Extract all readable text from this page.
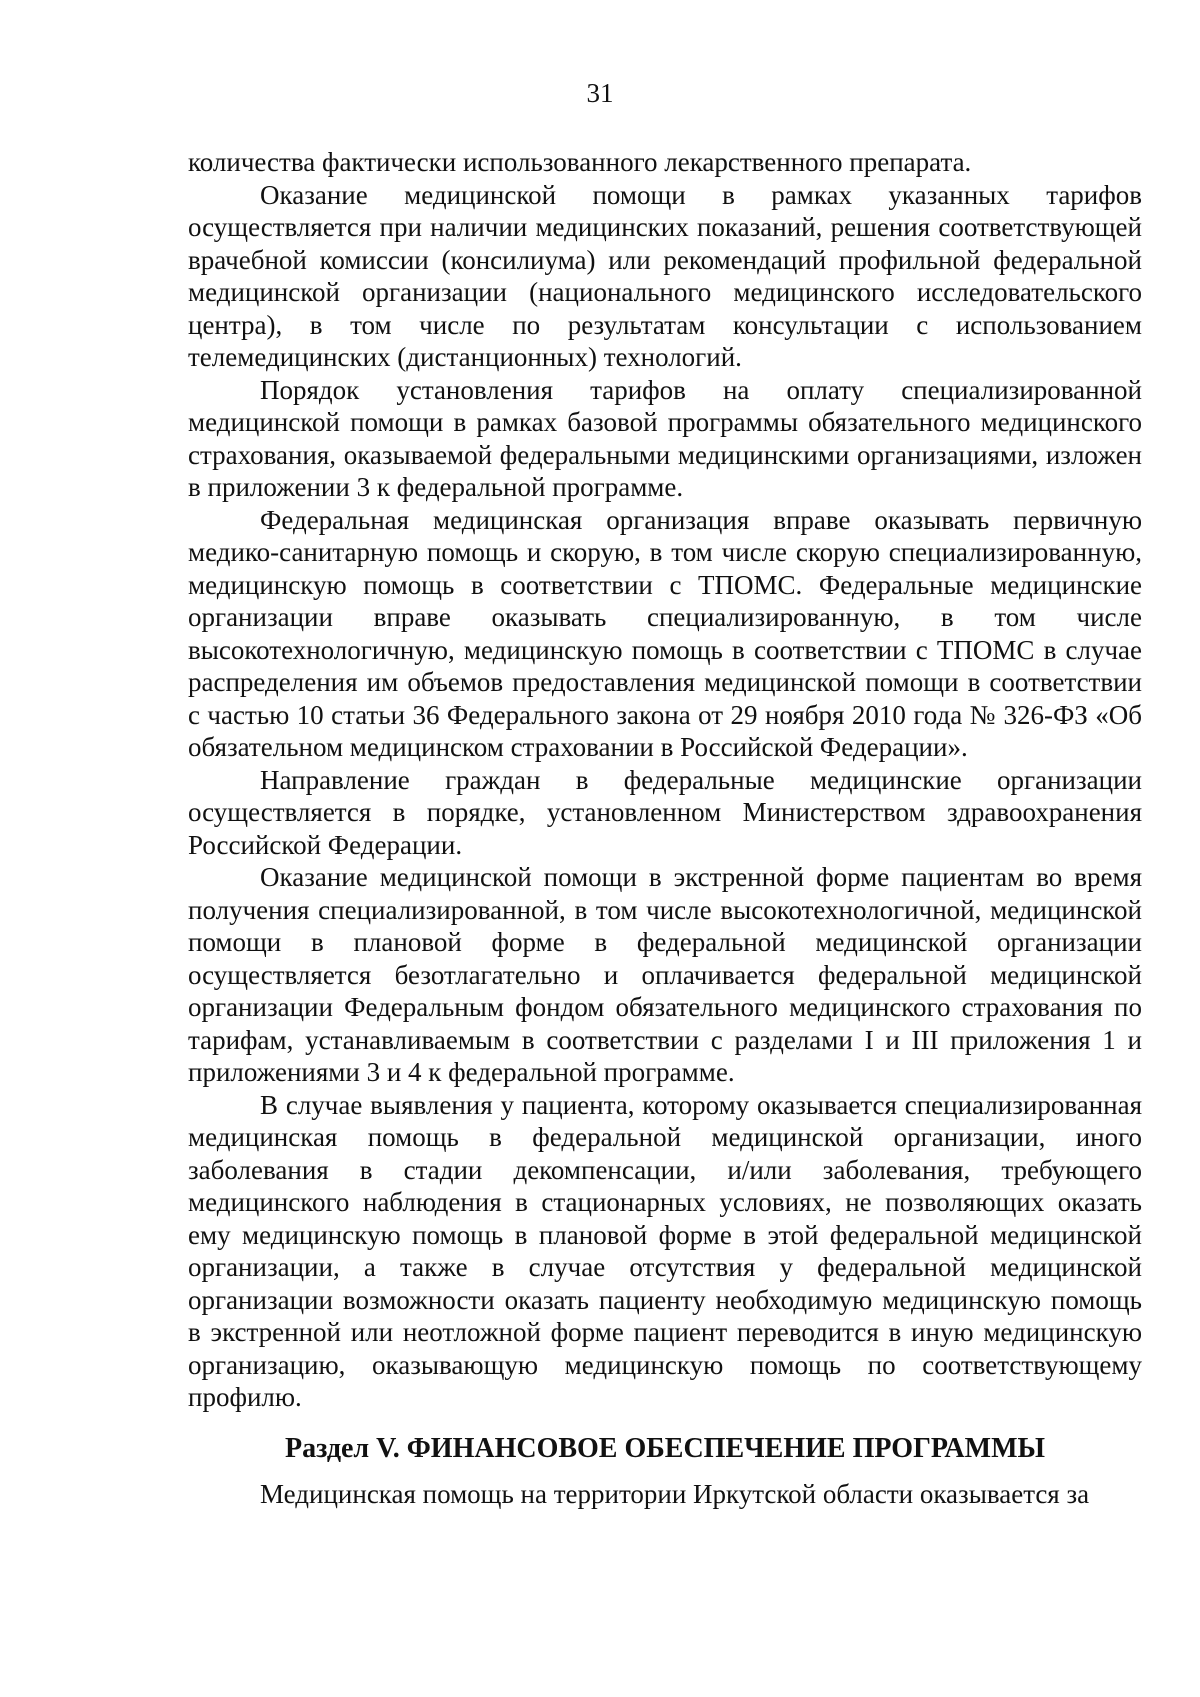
31

количества фактически использованного лекарственного препарата.

Оказание медицинской помощи в рамках указанных тарифов осуществляется при наличии медицинских показаний, решения соответствующей врачебной комиссии (консилиума) или рекомендаций профильной федеральной медицинской организации (национального медицинского исследовательского центра), в том числе по результатам консультации с использованием телемедицинских (дистанционных) технологий.

Порядок установления тарифов на оплату специализированной медицинской помощи в рамках базовой программы обязательного медицинского страхования, оказываемой федеральными медицинскими организациями, изложен в приложении 3 к федеральной программе.

Федеральная медицинская организация вправе оказывать первичную медико-санитарную помощь и скорую, в том числе скорую специализированную, медицинскую помощь в соответствии с ТПОМС. Федеральные медицинские организации вправе оказывать специализированную, в том числе высокотехнологичную, медицинскую помощь в соответствии с ТПОМС в случае распределения им объемов предоставления медицинской помощи в соответствии с частью 10 статьи 36 Федерального закона от 29 ноября 2010 года № 326-ФЗ «Об обязательном медицинском страховании в Российской Федерации».

Направление граждан в федеральные медицинские организации осуществляется в порядке, установленном Министерством здравоохранения Российской Федерации.

Оказание медицинской помощи в экстренной форме пациентам во время получения специализированной, в том числе высокотехнологичной, медицинской помощи в плановой форме в федеральной медицинской организации осуществляется безотлагательно и оплачивается федеральной медицинской организации Федеральным фондом обязательного медицинского страхования по тарифам, устанавливаемым в соответствии с разделами I и III приложения 1 и приложениями 3 и 4 к федеральной программе.

В случае выявления у пациента, которому оказывается специализированная медицинская помощь в федеральной медицинской организации, иного заболевания в стадии декомпенсации, и/или заболевания, требующего медицинского наблюдения в стационарных условиях, не позволяющих оказать ему медицинскую помощь в плановой форме в этой федеральной медицинской организации, а также в случае отсутствия у федеральной медицинской организации возможности оказать пациенту необходимую медицинскую помощь в экстренной или неотложной форме пациент переводится в иную медицинскую организацию, оказывающую медицинскую помощь по соответствующему профилю.

Раздел V. ФИНАНСОВОЕ ОБЕСПЕЧЕНИЕ ПРОГРАММЫ

Медицинская помощь на территории Иркутской области оказывается за
